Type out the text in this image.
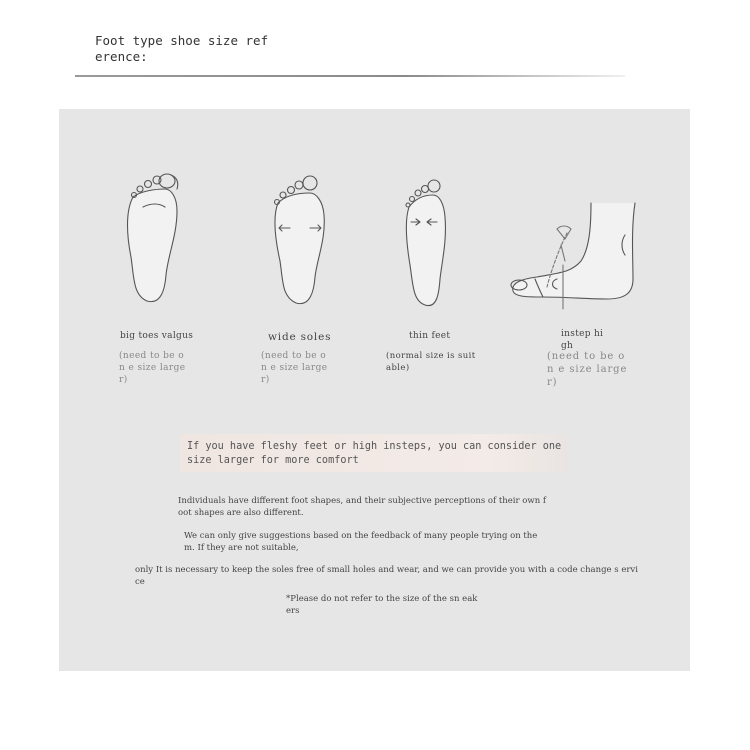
Foot type shoe size ref erence:
big toes valgus
(need to be on e size larger)
wide soles
(need to be on e size larger)
thin feet
(normal size is suit able)
instep hi gh
(need to be on e size larger)
If you have fleshy feet or high insteps, you can consider one size larger for more comfort
Individuals have different foot shapes, and their subjective perceptions of their own foot shapes are also different.
We can only give suggestions based on the feedback of many people trying on the m. If they are not suitable,
only It is necessary to keep the soles free of small holes and wear, and we can provide you with a code change s ervice
*Please do not refer to the size of the sn eakers
